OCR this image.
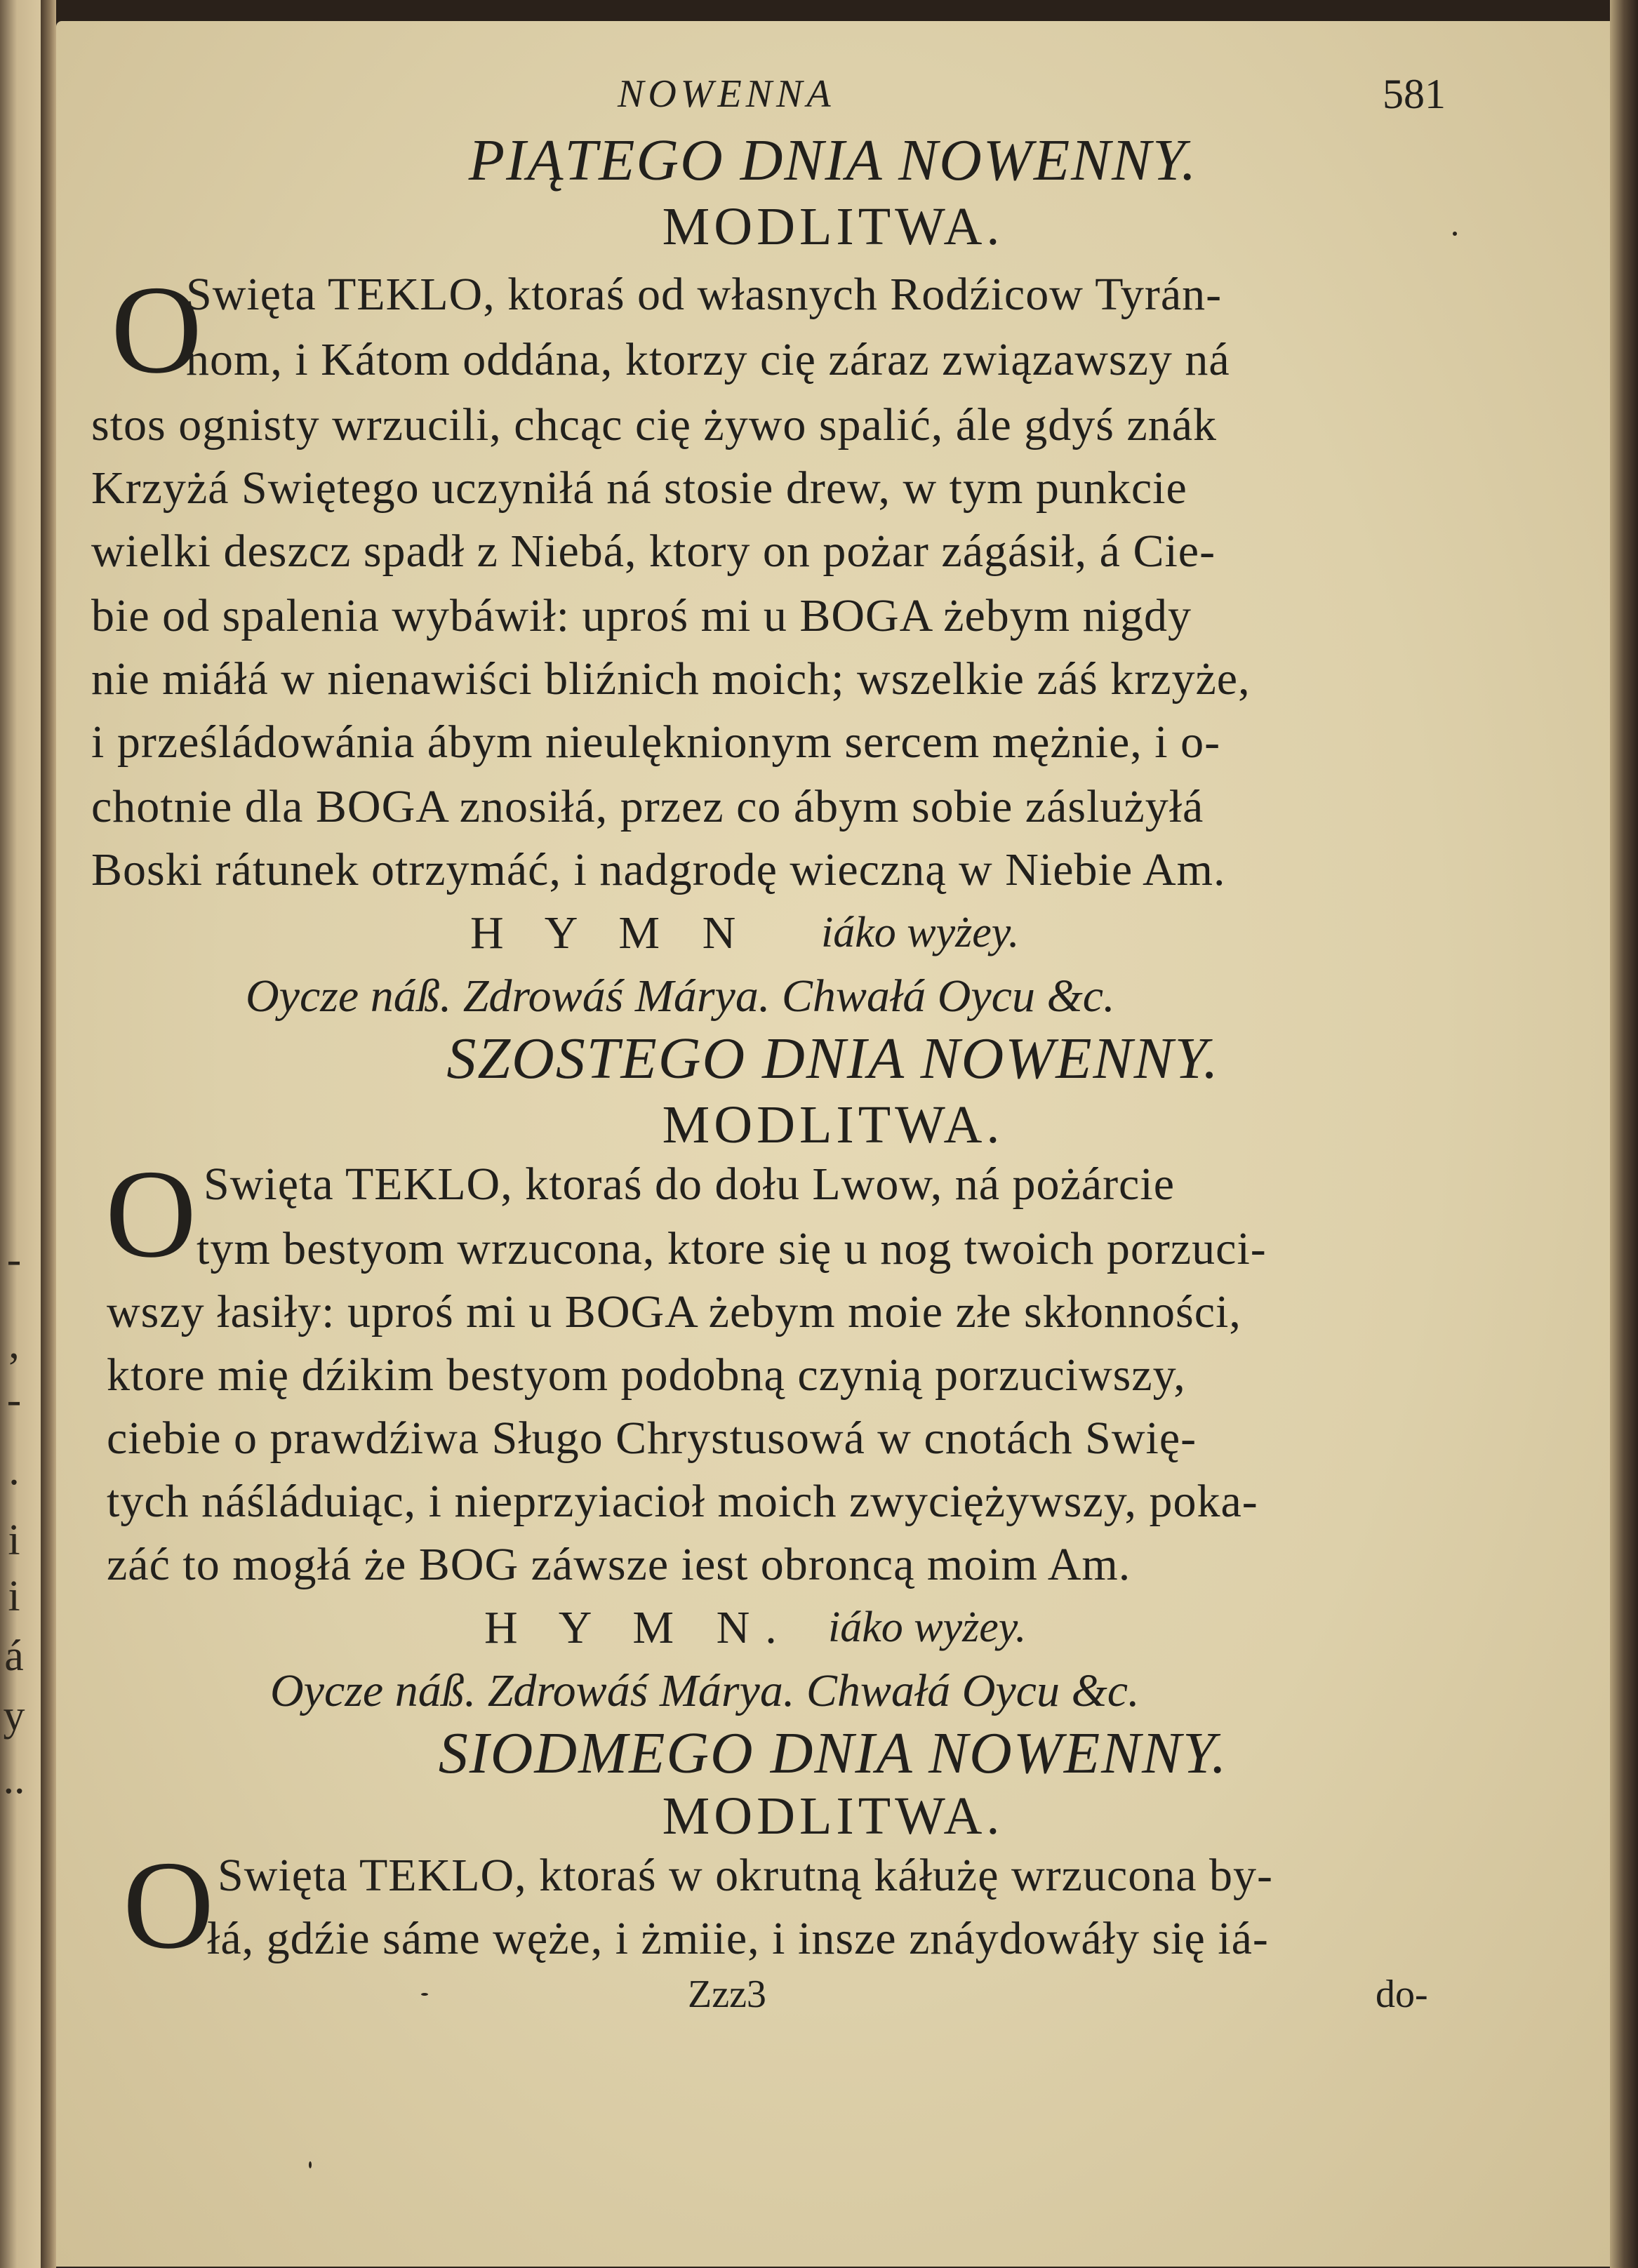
-
,
-
.
i
i
á
y
..
NOWENNA	581
PIĄTEGO DNIA NOWENNY.
MODLITWA.
O
Swięta TEKLO, ktoraś od własnych Rodźicow Tyrán-
nom, i Kátom oddána, ktorzy cię záraz związawszy ná
stos ognisty wrzucili, chcąc cię żywo spalić, ále gdyś znák
Krzyżá Swiętego uczyniłá ná stosie drew, w tym punkcie
wielki deszcz spadł z Niebá, ktory on pożar zágásił, á Cie-
bie od spalenia wybáwił: uproś mi u BOGA żebym nigdy
nie miáłá w nienawiści bliźnich moich; wszelkie záś krzyże,
i prześládowánia ábym nieulęknionym sercem mężnie, i o-
chotnie dla BOGA znosiłá, przez co ábym sobie záslużyłá
Boski rátunek otrzymáć, i nadgrodę wieczną w Niebie Am.
H Y M N iáko wyżey.
Oycze náß. Zdrowáś Márya. Chwałá Oycu &c.
SZOSTEGO DNIA NOWENNY.
MODLITWA.
O Swięta TEKLO, ktoraś do dołu Lwow, ná pożárcie
tym bestyom wrzucona, ktore się u nog twoich porzuci-
wszy łasiły: uproś mi u BOGA żebym moie złe skłonności,
ktore mię dźikim bestyom podobną czynią porzuciwszy,
ciebie o prawdźiwa Sługo Chrystusowá w cnotách Swię-
tych náśláduiąc, i nieprzyiacioł moich zwyciężywszy, poka-
záć to mogłá że BOG záwsze iest obroncą moim Am.
H Y M N. iáko wyżey.
Oycze náß. Zdrowáś Márya. Chwałá Oycu &c.
SIODMEGO DNIA NOWENNY.
MODLITWA.
O Swięta TEKLO, ktoraś w okrutną káłużę wrzucona by-
łá, gdźie sáme węże, i żmiie, i insze znáydowáły się iá-
Zzz3	do-
